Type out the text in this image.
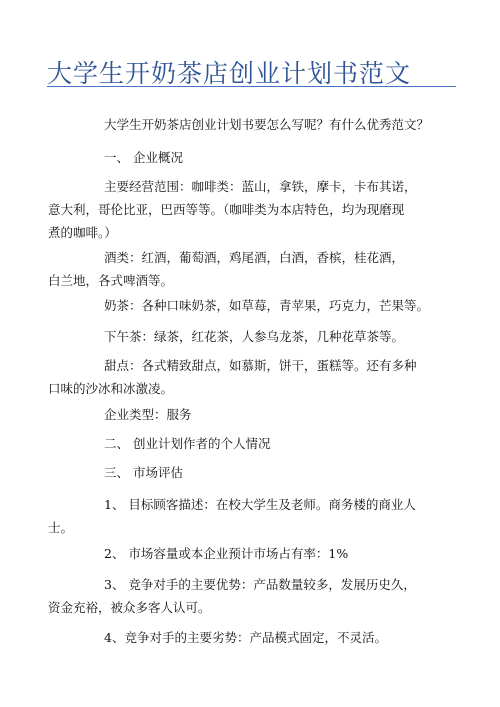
大学生开奶茶店创业计划书范文
大学生开奶茶店创业计划书要怎么写呢？有什么优秀范文？
一、 企业概况
主要经营范围：咖啡类：蓝山，拿铁，摩卡，卡布其诺，
意大利，哥伦比亚，巴西等等。（咖啡类为本店特色，均为现磨现
煮的咖啡。）
酒类：红酒，葡萄酒，鸡尾酒，白酒，香槟，桂花酒，
白兰地，各式啤酒等。
奶茶：各种口味奶茶，如草莓，青苹果，巧克力，芒果等。
下午茶：绿茶，红花茶，人参乌龙茶，几种花草茶等。
甜点：各式精致甜点，如慕斯，饼干，蛋糕等。还有多种
口味的沙冰和冰激凌。
企业类型：服务
二、 创业计划作者的个人情况
三、 市场评估
1、 目标顾客描述：在校大学生及老师。商务楼的商业人
士。
2、 市场容量或本企业预计市场占有率：1%
3、 竞争对手的主要优势：产品数量较多，发展历史久，
资金充裕，被众多客人认可。
4、竞争对手的主要劣势：产品模式固定，不灵活。
